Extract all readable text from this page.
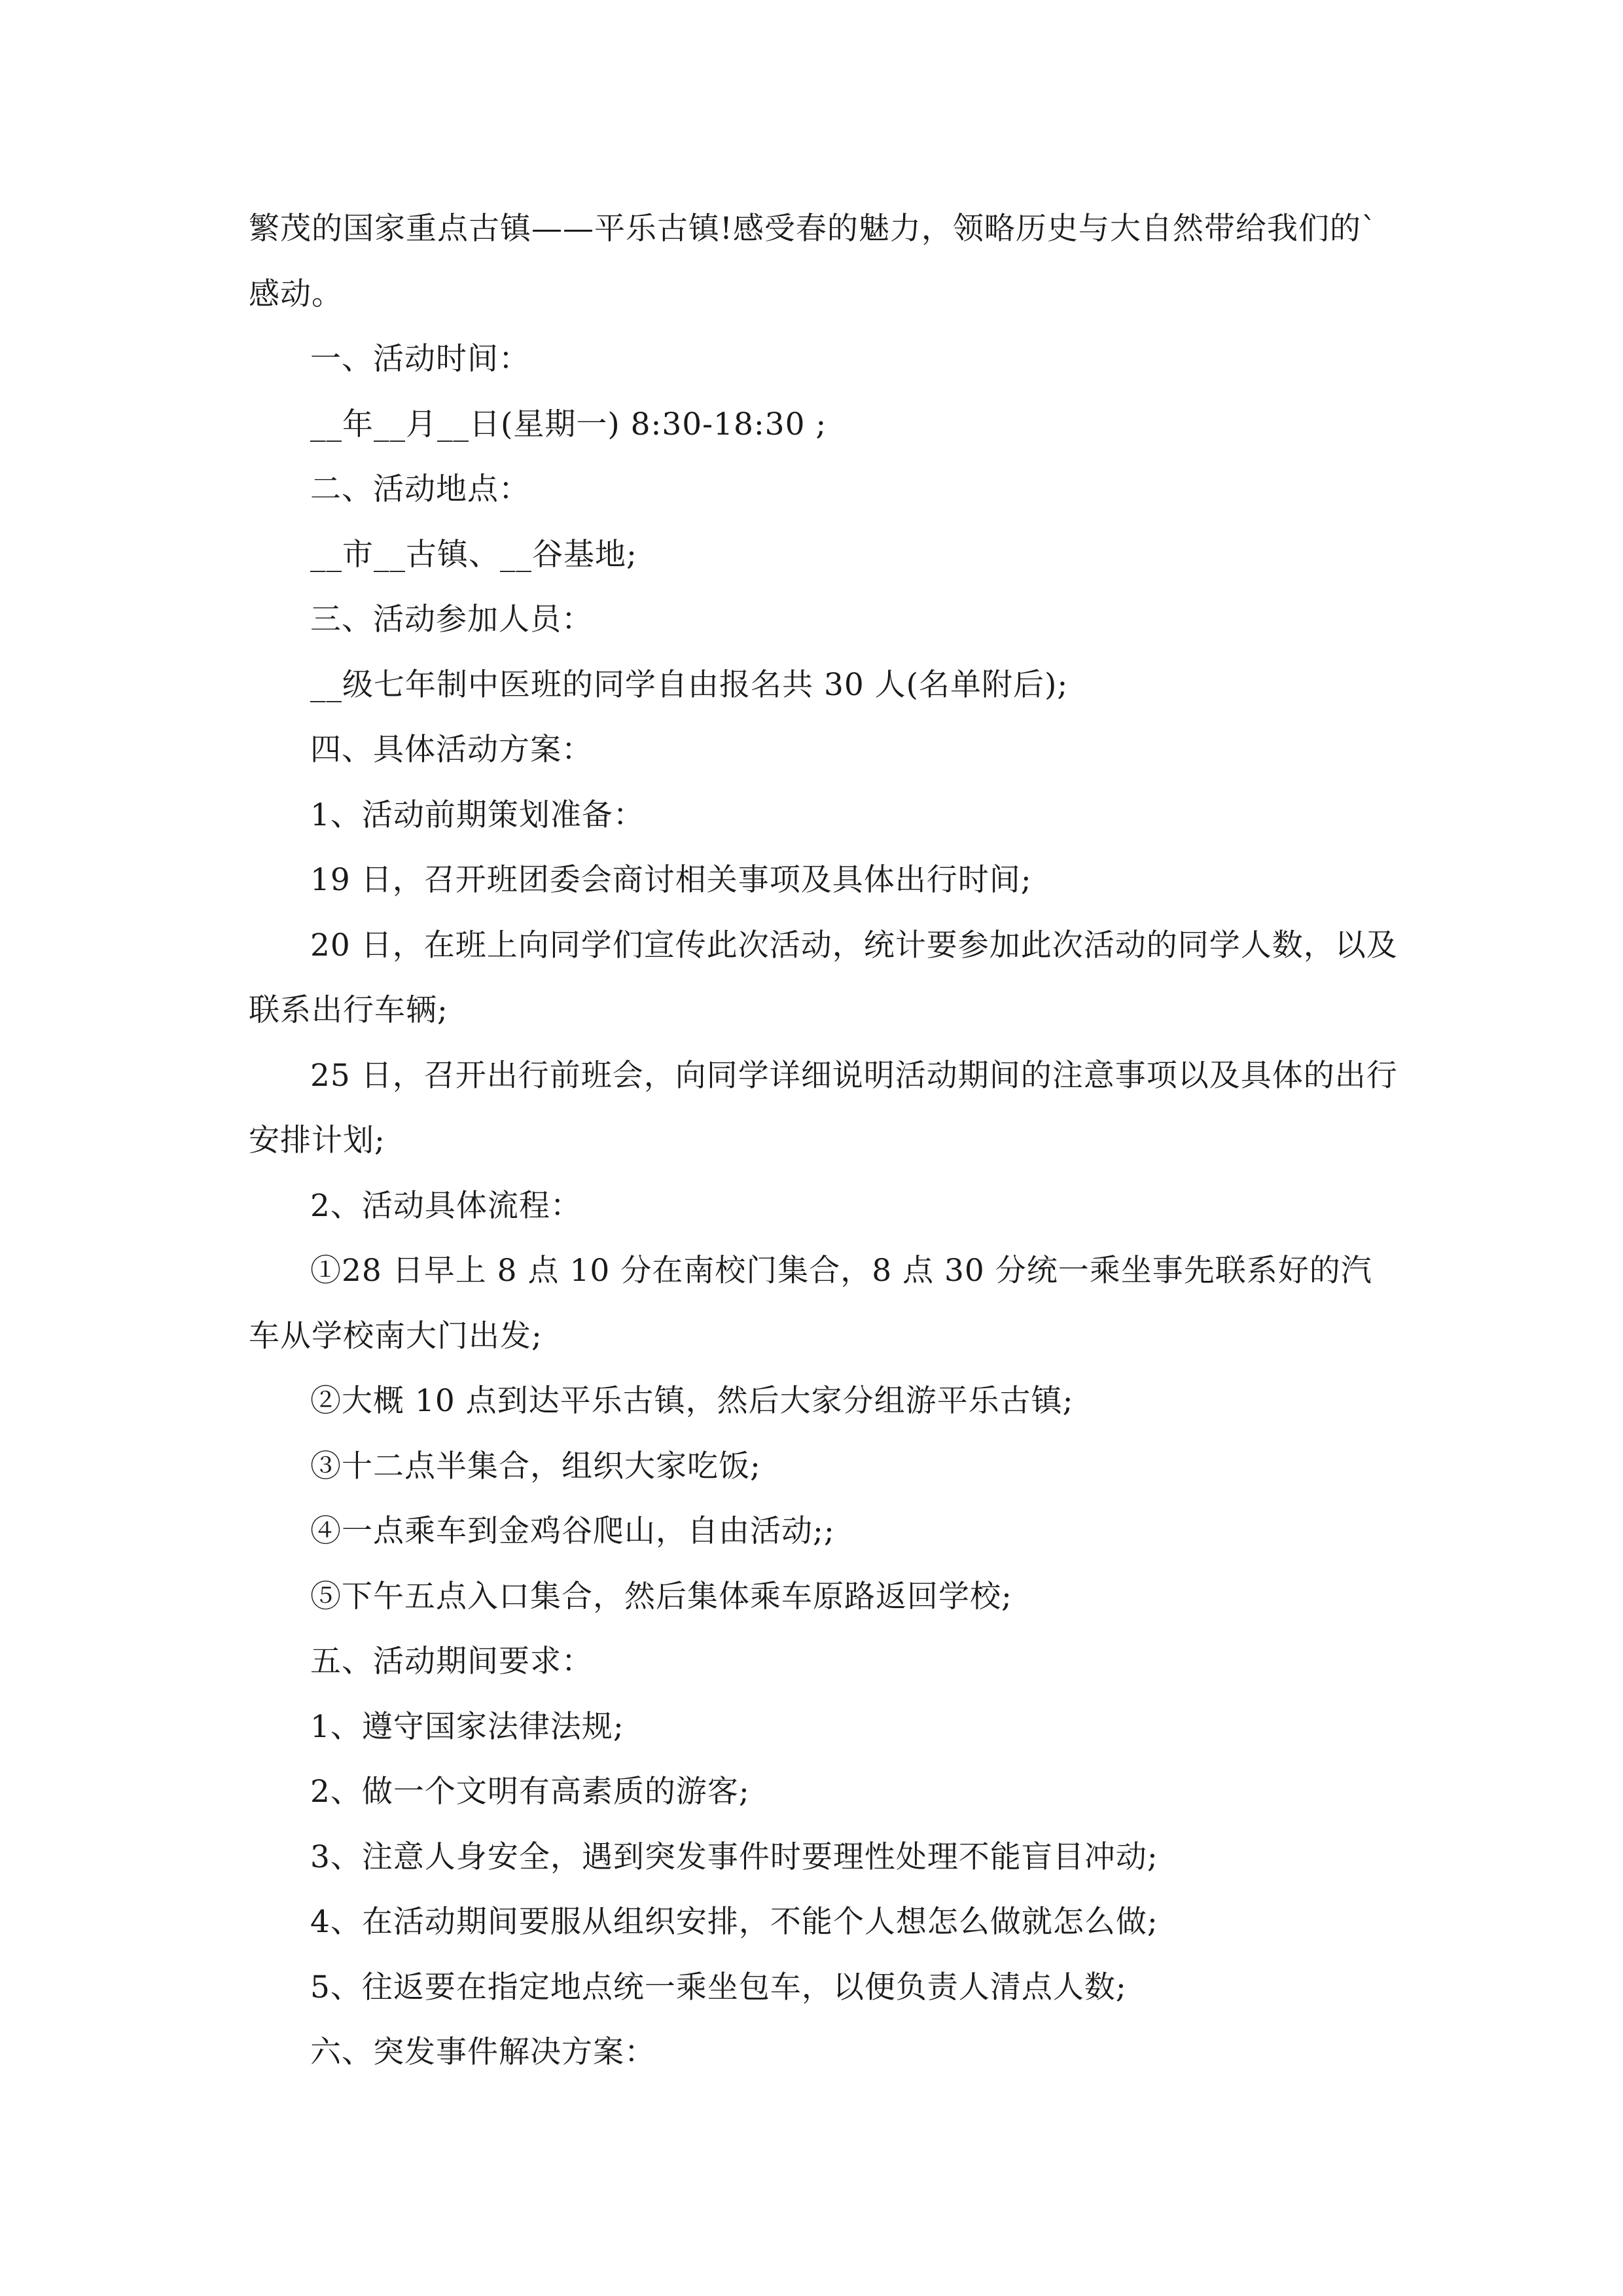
繁茂的国家重点古镇——平乐古镇!感受春的魅力，领略历史与大自然带给我们的`感动。

一、活动时间：

__年__月__日(星期一) 8:30-18:30 ;

二、活动地点：

__市__古镇、__谷基地;

三、活动参加人员：

__级七年制中医班的同学自由报名共 30 人(名单附后);

四、具体活动方案：

1、活动前期策划准备：

19 日，召开班团委会商讨相关事项及具体出行时间;

20 日，在班上向同学们宣传此次活动，统计要参加此次活动的同学人数，以及联系出行车辆;

25 日，召开出行前班会，向同学详细说明活动期间的注意事项以及具体的出行安排计划;

2、活动具体流程：

①28 日早上 8 点 10 分在南校门集合，8 点 30 分统一乘坐事先联系好的汽车从学校南大门出发;

②大概 10 点到达平乐古镇，然后大家分组游平乐古镇;

③十二点半集合，组织大家吃饭;

④一点乘车到金鸡谷爬山，自由活动;;

⑤下午五点入口集合，然后集体乘车原路返回学校;

五、活动期间要求：

1、遵守国家法律法规;

2、做一个文明有高素质的游客;

3、注意人身安全，遇到突发事件时要理性处理不能盲目冲动;

4、在活动期间要服从组织安排，不能个人想怎么做就怎么做;

5、往返要在指定地点统一乘坐包车，以便负责人清点人数;

六、突发事件解决方案：
